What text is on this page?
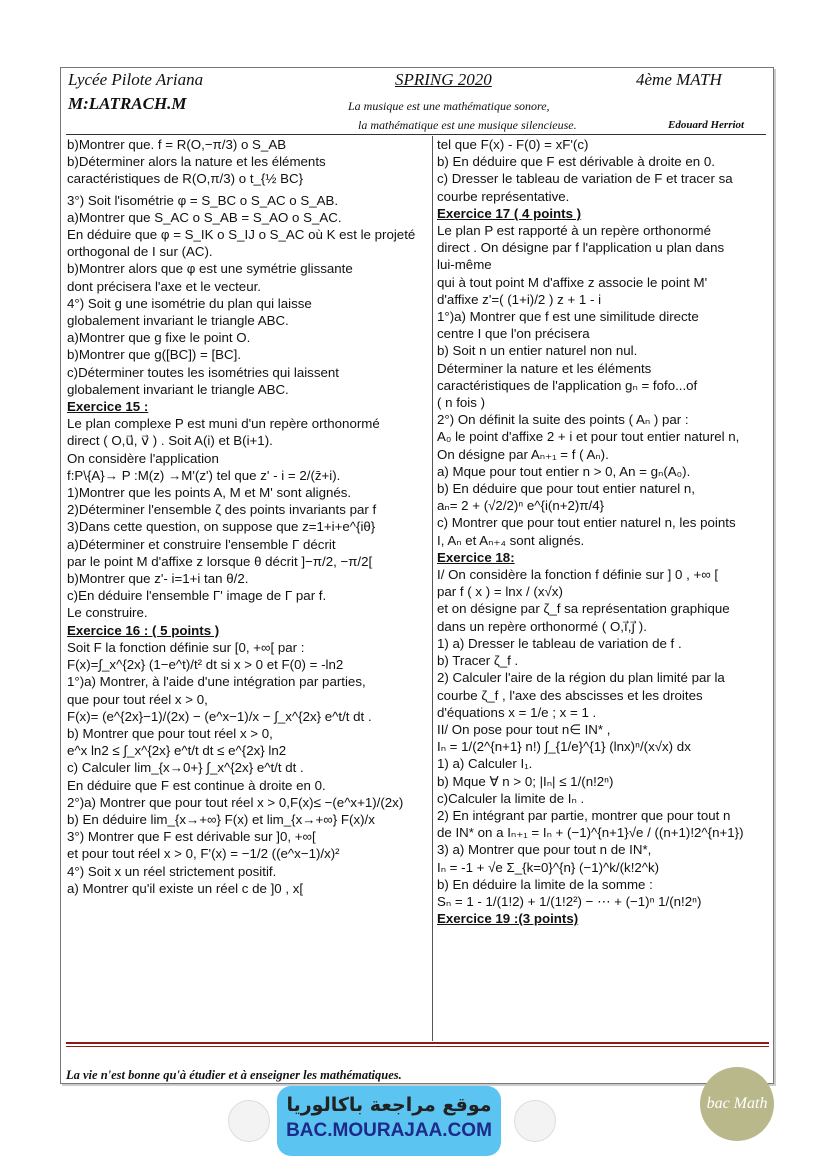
Lycée Pilote Ariana
M:LATRACH.M
SPRING 2020	4ème MATH
La musique est une mathématique sonore,
la mathématique est une musique silencieuse.	Edouard Herriot

b)Montrer que. f = R(O,−π/3) o S_AB

b)Déterminer alors la nature et les éléments

caractéristiques de R(O,π/3) o t_{½ BC}

3°) Soit l'isométrie φ = S_BC o S_AC o S_AB.

a)Montrer que S_AC o S_AB = S_AO o S_AC.

En déduire que φ = S_IK o S_IJ o S_AC où K est le projeté

orthogonal de I sur (AC).

b)Montrer alors que φ est une symétrie glissante

dont précisera l'axe et le vecteur.

4°) Soit g une isométrie du plan qui laisse

globalement invariant le triangle ABC.

a)Montrer que g fixe le point O.

b)Montrer que g([BC]) = [BC].

c)Déterminer toutes les isométries qui laissent

globalement invariant le triangle ABC.

Exercice 15 :

Le plan complexe P est muni d'un repère orthonormé

direct ( O,u⃗, v⃗ ) . Soit A(i) et B(i+1).

On considère l'application

f:P\{A}→ P :M(z) →M'(z') tel que z' - i = 2/(z̄+i).

1)Montrer que les points A, M et M' sont alignés.

2)Déterminer l'ensemble ζ des points invariants par f

3)Dans cette question, on suppose que z=1+i+e^{iθ}

a)Déterminer et construire l'ensemble Γ décrit

par le point M d'affixe z lorsque θ décrit ]−π/2, −π/2[

b)Montrer que z'- i=1+i tan θ/2.

c)En déduire l'ensemble Γ' image de Γ par f.

Le construire.

Exercice 16 : ( 5 points )

Soit F la fonction définie sur [0, +∞[ par :

F(x)=∫_x^{2x} (1−e^t)/t² dt si x > 0 et F(0) = -ln2

1°)a) Montrer, à l'aide d'une intégration par parties,

que pour tout réel x > 0,

F(x)= (e^{2x}−1)/(2x) − (e^x−1)/x − ∫_x^{2x} e^t/t dt .

b) Montrer que pour tout réel x > 0,

e^x ln2 ≤ ∫_x^{2x} e^t/t dt ≤ e^{2x} ln2

c) Calculer lim_{x→0+} ∫_x^{2x} e^t/t dt .

En déduire que F est continue à droite en 0.

2°)a) Montrer que pour tout réel x > 0,F(x)≤ −(e^x+1)/(2x)

b) En déduire lim_{x→+∞} F(x) et lim_{x→+∞} F(x)/x

3°) Montrer que F est dérivable sur ]0, +∞[

et pour tout réel x > 0, F'(x) = −1/2 ((e^x−1)/x)²

4°) Soit x un réel strictement positif.

a) Montrer qu'il existe un réel c de ]0 , x[

tel que F(x) - F(0) = xF'(c)

b) En déduire que F est dérivable à droite en 0.

c) Dresser le tableau de variation de F et tracer sa

courbe représentative.

Exercice 17 ( 4 points )

Le plan P est rapporté à un repère orthonormé

direct . On désigne par f l'application u plan dans

lui-même

qui à tout point M d'affixe z associe le point M'

d'affixe z'=( (1+i)/2 ) z + 1 - i

1°)a) Montrer que f est une similitude directe

centre I que l'on précisera

b) Soit n un entier naturel non nul.

Déterminer la nature et les éléments

caractéristiques de l'application gₙ = fofo...of

( n fois )

2°) On définit la suite des points ( Aₙ ) par :

A₀ le point d'affixe 2 + i et pour tout entier naturel n,

On désigne par Aₙ₊₁ = f ( Aₙ).

a) Mque pour tout entier n > 0, An = gₙ(A₀).

b) En déduire que pour tout entier naturel n,

aₙ= 2 + (√2/2)ⁿ e^{i(n+2)π/4}

c) Montrer que pour tout entier naturel n, les points

I, Aₙ et Aₙ₊₄ sont alignés.

Exercice 18:

I/ On considère la fonction f définie sur ] 0 , +∞ [

par f ( x ) = lnx / (x√x)

et on désigne par ζ_f sa représentation graphique

dans un repère orthonormé ( O,i⃗,j⃗ ).

1) a) Dresser le tableau de variation de f .

b) Tracer ζ_f .

2) Calculer l'aire de la région du plan limité par la

courbe ζ_f , l'axe des abscisses et les droites

d'équations x = 1/e ; x = 1 .

II/ On pose pour tout n∈ IN* ,

Iₙ = 1/(2^{n+1} n!) ∫_{1/e}^{1} (lnx)ⁿ/(x√x) dx

1) a) Calculer I₁.

b) Mque ∀ n > 0; |Iₙ| ≤ 1/(n!2ⁿ)

c)Calculer la limite de Iₙ .

2) En intégrant par partie, montrer que pour tout n

de IN* on a Iₙ₊₁ = Iₙ + (−1)^{n+1}√e / ((n+1)!2^{n+1})

3) a) Montrer que pour tout n de IN*,

Iₙ = -1 + √e Σ_{k=0}^{n} (−1)^k/(k!2^k)

b) En déduire la limite de la somme :

Sₙ = 1 - 1/(1!2) + 1/(1!2²) − ⋯ + (−1)ⁿ 1/(n!2ⁿ)

Exercice 19 :(3 points)

La vie n'est bonne qu'à étudier et à enseigner les mathématiques.
موقع مراجعة باكالوريا
BAC.MOURAJAA.COM
bac Math
